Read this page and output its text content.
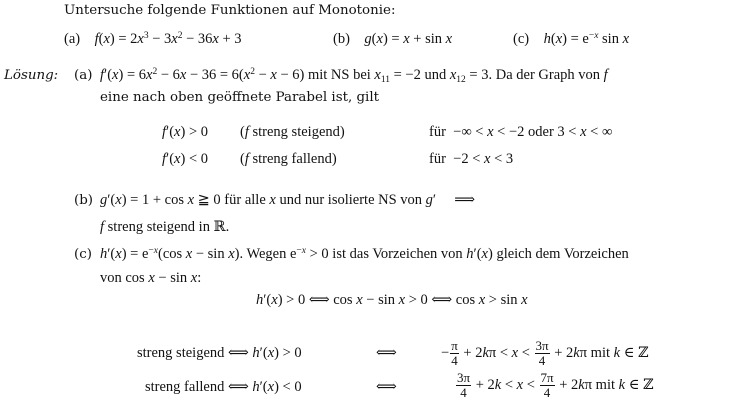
Untersuche folgende Funktionen auf Monotonie:
(a) $f(x) = 2x^3 - 3x^2 - 36x + 3$	(b) g(x) = x + sin x	(c) $h(x) = e^{-x}$ sin x
Lösung: (a) $f'(x) = 6x^2 - 6x - 36 = 6(x^2 - x - 6)$ mit NS bei $x_{11} = -2$ und $x_{12} = 3$. Da der Graph von f
eine nach oben geöffnete Parabel ist, gilt
f′(x) > 0 (f streng steigend)	für  −∞ < x < −2 oder 3 < x < ∞
f′(x) < 0 (f streng fallend)	für  −2 < x < 3
(b) g′(x) = 1 + cos x ≧ 0 für alle x und nur isolierte NS von g′     ⟹
f streng steigend in ℝ.
(c) $h'(x) = e^{-x}(\cos$ x − sin x). Wegen $e^{-x} > 0$ ist das Vorzeichen von h′(x) gleich dem Vorzeichen
von cos x − sin x:
h′(x) > 0 ⟺ cos x − sin x > 0 ⟺ cos x > sin x
streng steigend ⟺ h′(x) > 0	⟺	− $\frac{\pi}{4} + 2k\pi < x < \frac{3\pi}{4} + 2k\pi$ mit k ∈ ℤ
streng fallend ⟺ h′(x) < 0	⟺	$\frac{3\pi}{4} + 2k < x < \frac{7\pi}{4} + 2k\pi$ mit k ∈ ℤ
